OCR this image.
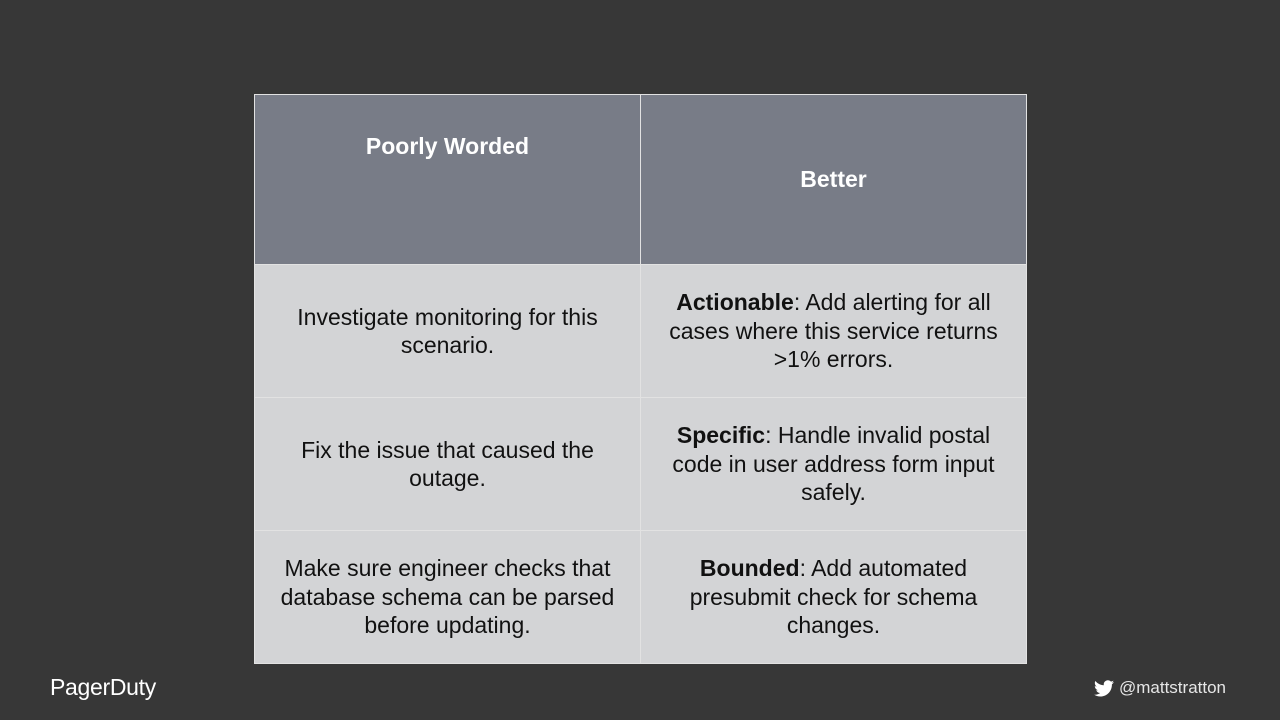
Poorly Worded	Better
Investigate monitoring for this scenario.	Actionable: Add alerting for all cases where this service returns >1% errors.
Fix the issue that caused the outage.	Specific: Handle invalid postal code in user address form input safely.
Make sure engineer checks that database schema can be parsed before updating.	Bounded: Add automated presubmit check for schema changes.
PagerDuty	@mattstratton
